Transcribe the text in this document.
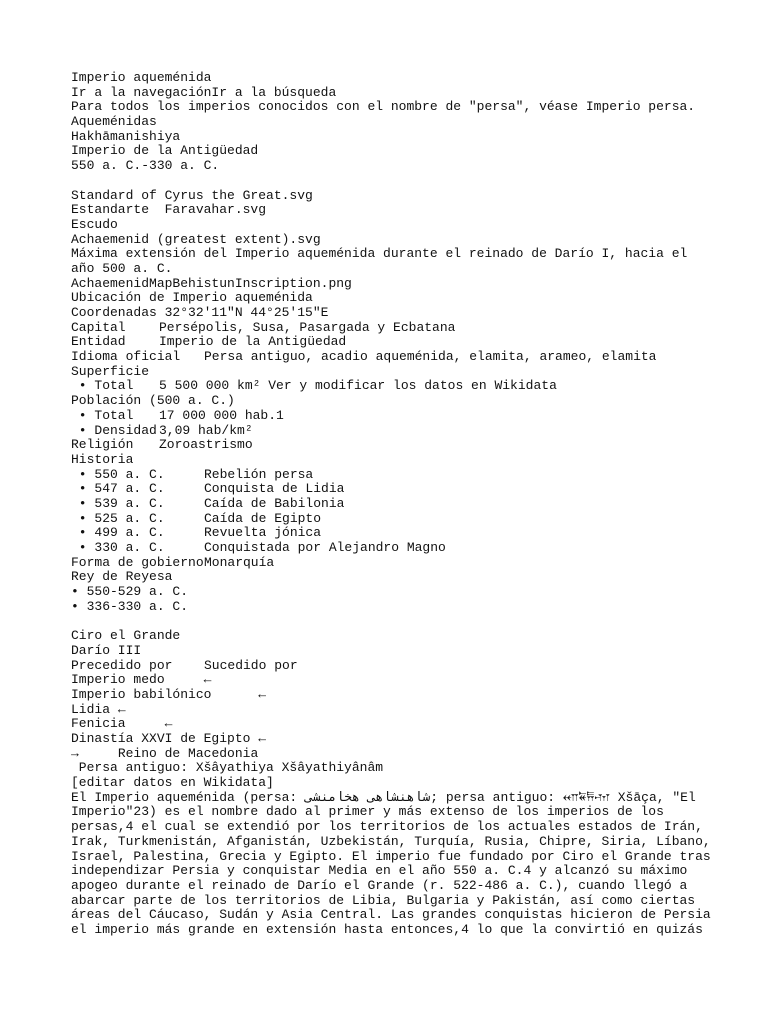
Imperio aqueménida
Ir a la navegaciónIr a la búsqueda
Para todos los imperios conocidos con el nombre de "persa", véase Imperio persa.
Aqueménidas
Hakhāmanishiya
Imperio de la Antigüedad
550 a. C.-330 a. C.
Standard of Cyrus the Great.svg
Estandarte  Faravahar.svg
Escudo
Achaemenid (greatest extent).svg
Máxima extensión del Imperio aqueménida durante el reinado de Darío I, hacia el año 500 a. C.
AchaemenidMapBehistunInscription.png
Ubicación de Imperio aqueménida
Coordenadas 32°32'11"N 44°25'15"E
Capital	Persépolis, Susa, Pasargada y Ecbatana
Entidad	Imperio de la Antigüedad
Idioma oficial	Persa antiguo, acadio aqueménida, elamita, arameo, elamita
Superficie
• Total	5 500 000 km² Ver y modificar los datos en Wikidata
Población (500 a. C.)
• Total	17 000 000 hab.1
• Densidad 3,09 hab/km²
Religión	Zoroastrismo
Historia
• 550 a. C.	Rebelión persa
• 547 a. C.	Conquista de Lidia
• 539 a. C.	Caída de Babilonia
• 525 a. C.	Caída de Egipto
• 499 a. C.	Revuelta jónica
• 330 a. C.	Conquistada por Alejandro Magno
Forma de gobierno Monarquía
Rey de Reyesa
• 550-529 a. C.
• 336-330 a. C.
Ciro el Grande
Darío III
Precedido por	Sucedido por
Imperio medo	←
Imperio babilónico	←
Lidia ←
Fenicia	←
Dinastía XXVI de Egipto ←
→	Reino de Macedonia
Persa antiguo: Xšâyathiya Xšâyathiyânâm
[editar datos en Wikidata]
El Imperio aqueménida (persa: شاهنشاهی هخامنشی; persa antiguo: 𐎧𐏁𐏂𐎶 Xšāça, "El Imperio"23) es el nombre dado al primer y más extenso de los imperios de los persas,4 el cual se extendió por los territorios de los actuales estados de Irán, Irak, Turkmenistán, Afganistán, Uzbekistán, Turquía, Rusia, Chipre, Siria, Líbano, Israel, Palestina, Grecia y Egipto. El imperio fue fundado por Ciro el Grande tras independizar Persia y conquistar Media en el año 550 a. C.4 y alcanzó su máximo apogeo durante el reinado de Darío el Grande (r. 522-486 a. C.), cuando llegó a abarcar parte de los territorios de Libia, Bulgaria y Pakistán, así como ciertas áreas del Cáucaso, Sudán y Asia Central. Las grandes conquistas hicieron de Persia el imperio más grande en extensión hasta entonces,4 lo que la convirtió en quizás
